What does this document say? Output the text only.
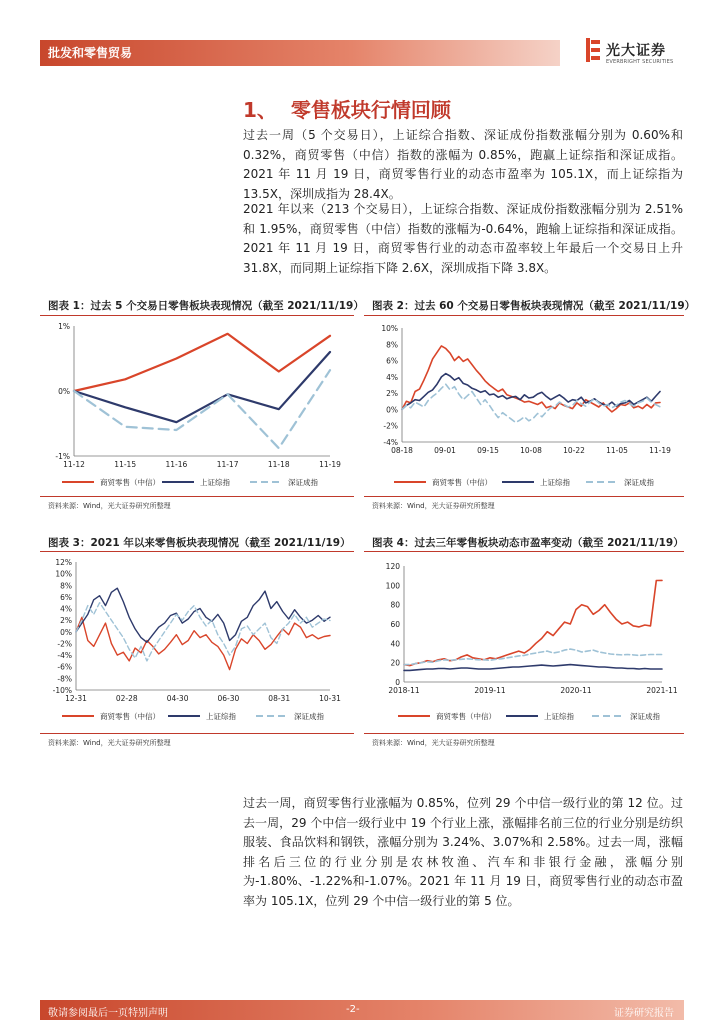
批发和零售贸易	光大证券
EVERBRIGHT SECURITIES
1、 零售板块行情回顾
过去一周（5 个交易日），上证综合指数、深证成份指数涨幅分别为 0.60%和 0.32%，商贸零售（中信）指数的涨幅为 0.85%，跑赢上证综指和深证成指。2021 年 11 月 19 日，商贸零售行业的动态市盈率为 105.1X，而上证综指为 13.5X，深圳成指为 28.4X。
2021 年以来（213 个交易日），上证综合指数、深证成份指数涨幅分别为 2.51%和 1.95%，商贸零售（中信）指数的涨幅为-0.64%，跑输上证综指和深证成指。2021 年 11 月 19 日，商贸零售行业的动态市盈率较上年最后一个交易日上升 31.8X，而同期上证综指下降 2.6X，深圳成指下降 3.8X。
图表 1：过去 5 个交易日零售板块表现情况（截至 2021/11/19）
1%
0%
-1%
11-12	11-15	11-16	11-17	11-18	11-19
商贸零售（中信）	上证综指	深证成指
资料来源：Wind，光大证券研究所整理
图表 2：过去 60 个交易日零售板块表现情况（截至 2021/11/19）
10%
8%
6%
4%
2%
0%
-2%
-4%
08-18	09-01	09-15	10-08	10-22	11-05	11-19
商贸零售（中信）	上证综指	深证成指
资料来源：Wind，光大证券研究所整理
图表 3：2021 年以来零售板块表现情况（截至 2021/11/19）
12%
10%
8%
6%
4%
2%
0%
-2%
-4%
-6%
-8%
-10%
12-31	02-28	04-30	06-30	08-31	10-31
商贸零售（中信）	上证综指	深证成指
资料来源：Wind，光大证券研究所整理
图表 4：过去三年零售板块动态市盈率变动（截至 2021/11/19）
120
100
80
60
40
20
0
2018-11	2019-11	2020-11	2021-11
商贸零售（中信）	上证综指	深证成指
资料来源：Wind，光大证券研究所整理
过去一周，商贸零售行业涨幅为 0.85%，位列 29 个中信一级行业的第 12 位。过去一周，29 个中信一级行业中 19 个行业上涨，涨幅排名前三位的行业分别是纺织服装、食品饮料和钢铁，涨幅分别为 3.24%、3.07%和 2.58%。过去一周，涨幅排名后三位的行业分别是农林牧渔、汽车和非银行金融，涨幅分别为-1.80%、-1.22%和-1.07%。2021 年 11 月 19 日，商贸零售行业的动态市盈率为 105.1X，位列 29 个中信一级行业的第 5 位。
敬请参阅最后一页特别声明	-2-	证券研究报告
